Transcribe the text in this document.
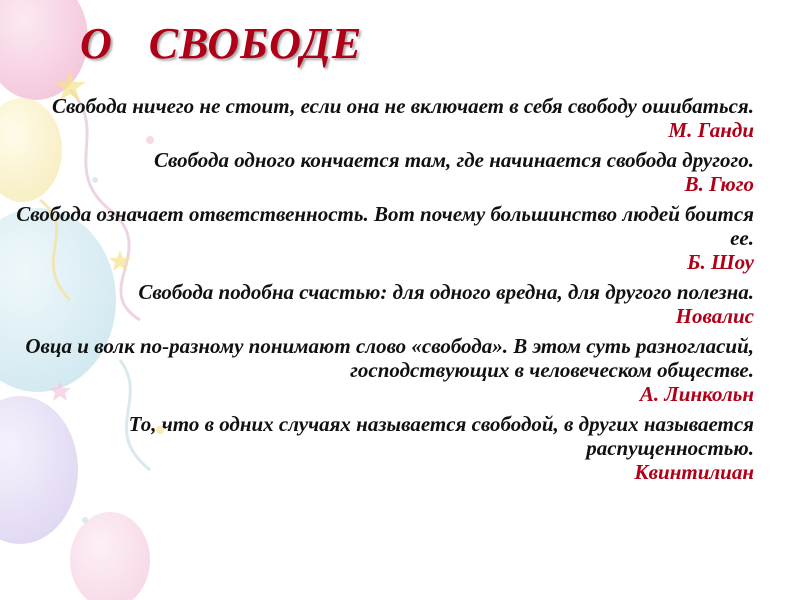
О   СВОБОДЕ
Свобода ничего не стоит, если она не включает в себя свободу ошибаться.
М. Ганди
Свобода одного кончается там, где начинается свобода другого.
В. Гюго
Свобода означает ответственность. Вот почему большинство людей боится ее.
Б. Шоу
Свобода подобна счастью: для одного вредна, для другого полезна.
Новалис
Овца и волк по-разному понимают слово «свобода». В этом суть разногласий, господствующих в человеческом обществе.
А. Линкольн
То, что в одних случаях называется свободой, в других называется распущенностью.
Квинтилиан
